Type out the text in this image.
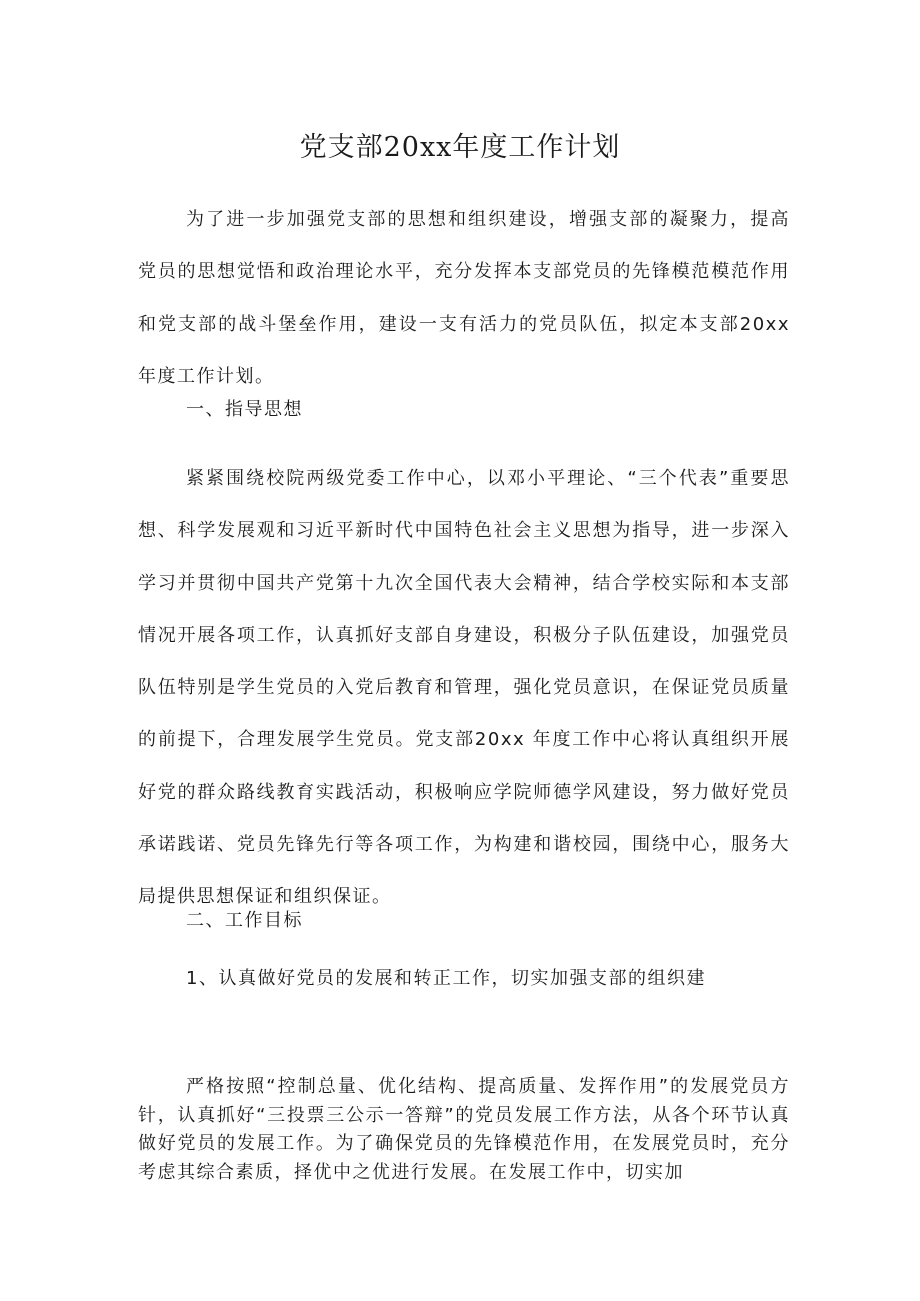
党支部20xx年度工作计划

为了进一步加强党支部的思想和组织建设，增强支部的凝聚力，提高党员的思想觉悟和政治理论水平，充分发挥本支部党员的先锋模范模范作用和党支部的战斗堡垒作用，建设一支有活力的党员队伍，拟定本支部20xx 年度工作计划。

一、指导思想

紧紧围绕校院两级党委工作中心，以邓小平理论、“三个代表”重要思想、科学发展观和习近平新时代中国特色社会主义思想为指导，进一步深入学习并贯彻中国共产党第十九次全国代表大会精神，结合学校实际和本支部情况开展各项工作，认真抓好支部自身建设，积极分子队伍建设，加强党员队伍特别是学生党员的入党后教育和管理，强化党员意识，在保证党员质量的前提下，合理发展学生党员。党支部20xx 年度工作中心将认真组织开展好党的群众路线教育实践活动，积极响应学院师德学风建设，努力做好党员承诺践诺、党员先锋先行等各项工作，为构建和谐校园，围绕中心，服务大局提供思想保证和组织保证。

二、工作目标

1、认真做好党员的发展和转正工作，切实加强支部的组织建

严格按照“控制总量、优化结构、提高质量、发挥作用”的发展党员方针，认真抓好“三投票三公示一答辩”的党员发展工作方法，从各个环节认真做好党员的发展工作。为了确保党员的先锋模范作用，在发展党员时，充分考虑其综合素质，择优中之优进行发展。在发展工作中，切实加
